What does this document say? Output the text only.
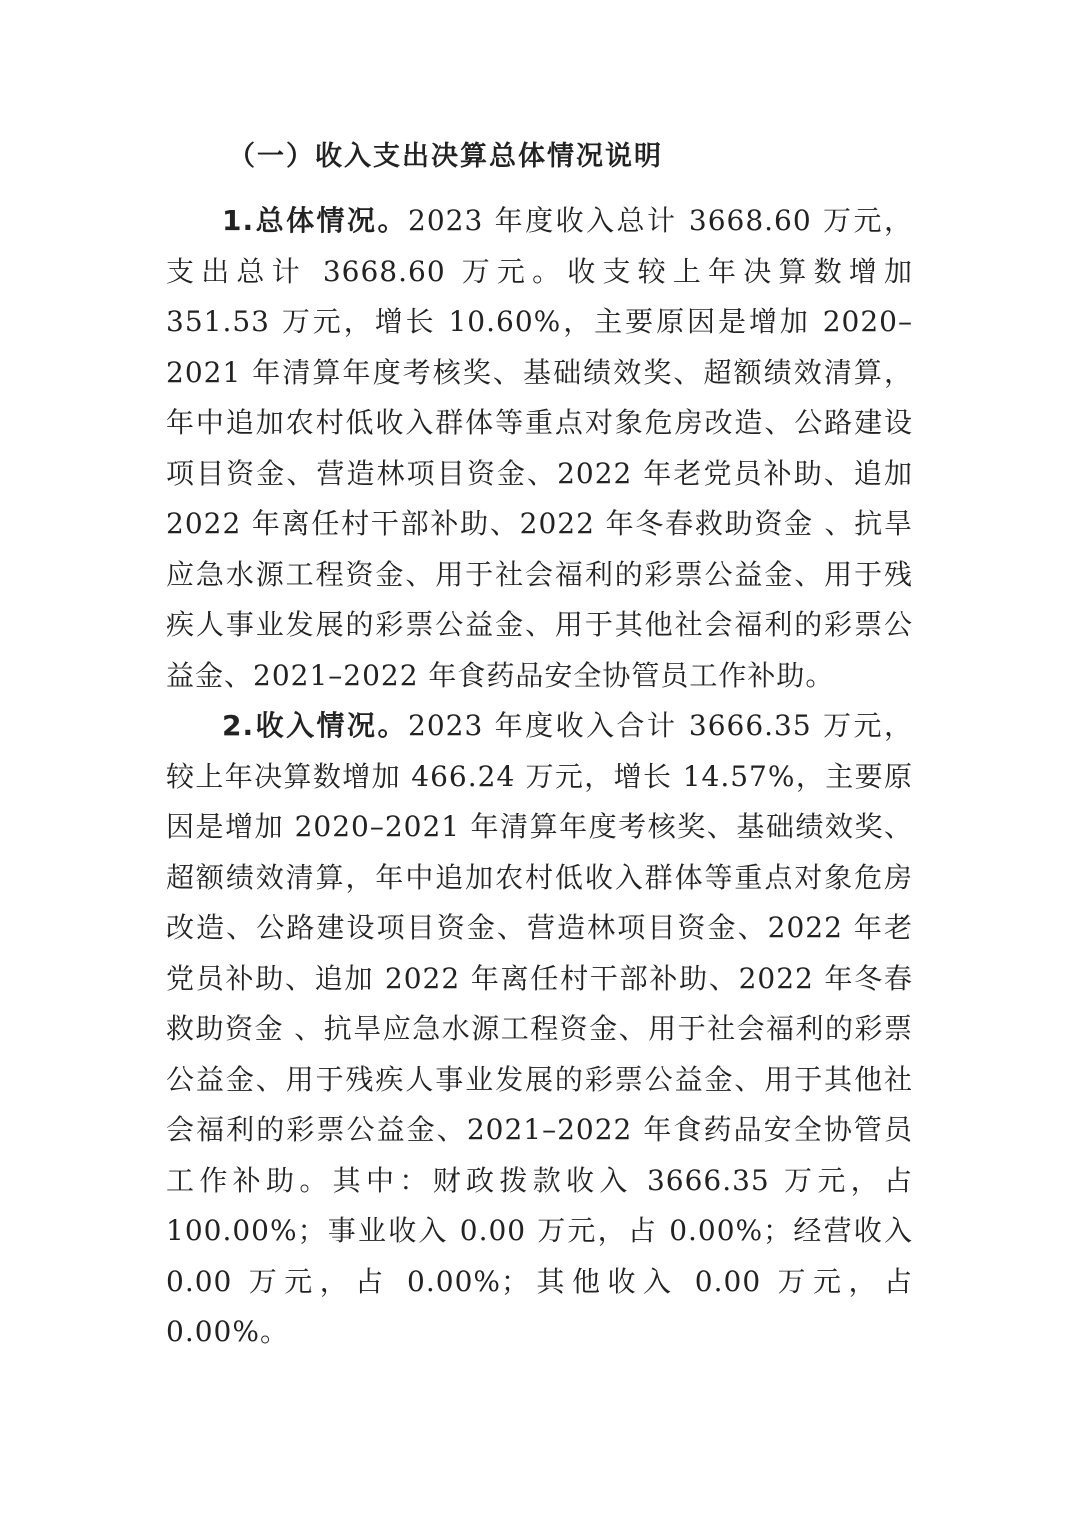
（一）收入支出决算总体情况说明

1.总体情况。2023 年度收入总计 3668.60 万元，支出总计 3668.60 万元。收支较上年决算数增加 351.53 万元，增长 10.60%，主要原因是增加 2020–2021 年清算年度考核奖、基础绩效奖、超额绩效清算，年中追加农村低收入群体等重点对象危房改造、公路建设项目资金、营造林项目资金、2022 年老党员补助、追加 2022 年离任村干部补助、2022 年冬春救助资金 、抗旱应急水源工程资金、用于社会福利的彩票公益金、用于残疾人事业发展的彩票公益金、用于其他社会福利的彩票公益金、2021–2022 年食药品安全协管员工作补助。

2.收入情况。2023 年度收入合计 3666.35 万元，较上年决算数增加 466.24 万元，增长 14.57%，主要原因是增加 2020–2021 年清算年度考核奖、基础绩效奖、超额绩效清算，年中追加农村低收入群体等重点对象危房改造、公路建设项目资金、营造林项目资金、2022 年老党员补助、追加 2022 年离任村干部补助、2022 年冬春救助资金 、抗旱应急水源工程资金、用于社会福利的彩票公益金、用于残疾人事业发展的彩票公益金、用于其他社会福利的彩票公益金、2021–2022 年食药品安全协管员工作补助。其中：财政拨款收入 3666.35 万元，占 100.00%；事业收入 0.00 万元，占 0.00%；经营收入 0.00 万元，占 0.00%；其他收入 0.00 万元，占 0.00%。
